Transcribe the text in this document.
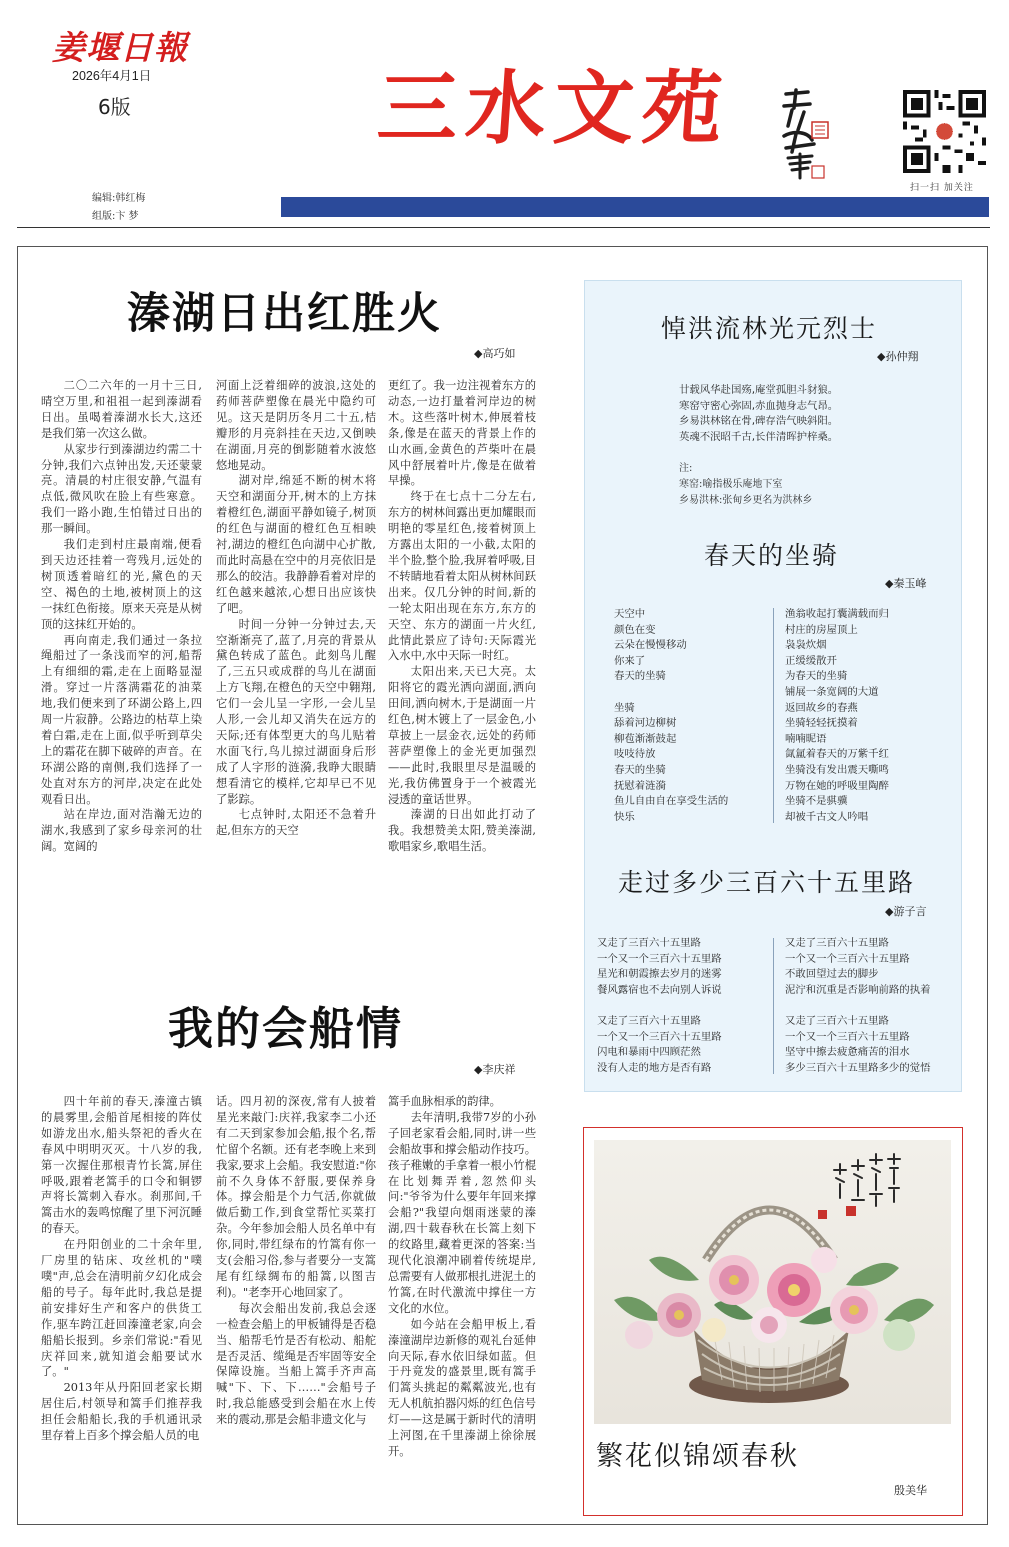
姜堰日報
2026年4月1日
6版	三水文苑
扫一扫 加关注
编辑:韩红梅
组版:卞 梦
溱湖日出红胜火
◆高巧如

二〇二六年的一月十三日,晴空万里,和祖祖一起到溱湖看日出。虽喝着溱湖水长大,这还是我们第一次这么做。

从家步行到溱湖边约需二十分钟,我们六点钟出发,天还蒙蒙亮。清晨的村庄很安静,气温有点低,微风吹在脸上有些寒意。我们一路小跑,生怕错过日出的那一瞬间。

我们走到村庄最南端,便看到天边还挂着一弯残月,远处的树顶透着暗红的光,黛色的天空、褐色的土地,被树顶上的这一抹红色衔接。原来天亮是从树顶的这抹红开始的。

再向南走,我们通过一条拉绳船过了一条浅而窄的河,船帮上有细细的霜,走在上面略显湿滑。穿过一片落满霜花的油菜地,我们便来到了环湖公路上,四周一片寂静。公路边的枯草上染着白霜,走在上面,似乎听到草尖上的霜花在脚下破碎的声音。在环湖公路的南侧,我们选择了一处直对东方的河岸,决定在此处观看日出。

站在岸边,面对浩瀚无边的湖水,我感到了家乡母亲河的壮阔。宽阔的

河面上泛着细碎的波浪,这处的药师菩萨塑像在晨光中隐约可见。这天是阴历冬月二十五,桔瓣形的月亮斜挂在天边,又倒映在湖面,月亮的倒影随着水波悠悠地晃动。

湖对岸,绵延不断的树木将天空和湖面分开,树木的上方抹着橙红色,湖面平静如镜子,树顶的红色与湖面的橙红色互相映衬,湖边的橙红色向湖中心扩散,而此时高悬在空中的月亮依旧是那么的皎洁。我静静看着对岸的红色越来越浓,心想日出应该快了吧。

时间一分钟一分钟过去,天空渐渐亮了,蓝了,月亮的背景从黛色转成了蓝色。此刻鸟儿醒了,三五只或成群的鸟儿在湖面上方飞翔,在橙色的天空中翱翔,它们一会儿呈一字形,一会儿呈人形,一会儿却又消失在远方的天际;还有体型更大的鸟儿贴着水面飞行,鸟儿掠过湖面身后形成了人字形的涟漪,我睁大眼睛想看清它的模样,它却早已不见了影踪。

七点钟时,太阳还不急着升起,但东方的天空

更红了。我一边注视着东方的动态,一边打量着河岸边的树木。这些落叶树木,伸展着枝条,像是在蓝天的背景上作的山水画,金黄色的芦柴叶在晨风中舒展着叶片,像是在做着早操。

终于在七点十二分左右,东方的树林间露出更加耀眼而明艳的零星红色,接着树顶上方露出太阳的一小截,太阳的半个脸,整个脸,我屏着呼吸,目不转睛地看着太阳从树林间跃出来。仅几分钟的时间,新的一轮太阳出现在东方,东方的天空、东方的湖面一片火红,此情此景应了诗句:天际霞光入水中,水中天际一时红。

太阳出来,天已大亮。太阳将它的霞光洒向湖面,洒向田间,洒向树木,于是湖面一片红色,树木镀上了一层金色,小草披上一层金衣,远处的药师菩萨塑像上的金光更加强烈——此时,我眼里尽是温暖的光,我仿佛置身于一个被霞光浸透的童话世界。

溱湖的日出如此打动了我。我想赞美太阳,赞美溱湖,歌唱家乡,歌唱生活。

我的会船情
◆李庆祥

四十年前的春天,溱潼古镇的晨雾里,会船首尾相接的阵仗如游龙出水,船头祭祀的香火在春风中明明灭灭。十八岁的我,第一次握住那根青竹长篙,屏住呼吸,跟着老篙手的口令和铜锣声将长篙刺入春水。刹那间,千篙击水的轰鸣惊醒了里下河沉睡的春天。

在丹阳创业的二十余年里,厂房里的钻床、攻丝机的"噗噗"声,总会在清明前夕幻化成会船的号子。每年此时,我总是提前安排好生产和客户的供货工作,驱车跨江赶回溱潼老家,向会船船长报到。乡亲们常说:"看见庆祥回来,就知道会船要试水了。"

2013年从丹阳回老家长期居住后,村领导和篙手们推荐我担任会船船长,我的手机通讯录里存着上百多个撑会船人员的电

话。四月初的深夜,常有人披着星光来敲门:庆祥,我家李二小还有二天到家参加会船,报个名,帮忙留个名额。还有老李晚上来到我家,要求上会船。我安慰道:"你前不久身体不舒服,要保养身体。撑会船是个力气活,你就做做后勤工作,到食堂帮忙买菜打杂。今年参加会船人员名单中有你,同时,带红绿布的竹篙有你一支(会船习俗,参与者要分一支篙尾有红绿绸布的船篙,以图吉利)。"老李开心地回家了。

每次会船出发前,我总会逐一检查会船上的甲板铺得是否稳当、船帮毛竹是否有松动、船舵是否灵活、缆绳是否牢固等安全保障设施。当船上篙手齐声高喊"下、下、下……"会船号子时,我总能感受到会船在水上传来的震动,那是会船非遗文化与

篙手血脉相承的韵律。

去年清明,我带7岁的小孙子回老家看会船,同时,讲一些会船故事和撑会船动作技巧。孩子稚嫩的手拿着一根小竹棍在比划舞弄着,忽然仰头问:"爷爷为什么要年年回来撑会船?"我望向烟雨迷蒙的溱湖,四十载春秋在长篙上刻下的纹路里,藏着更深的答案:当现代化浪潮冲刷着传统堤岸,总需要有人做那根扎进泥土的竹篙,在时代激流中撑住一方文化的水位。

如今站在会船甲板上,看溱潼湖岸边新修的观礼台延伸向天际,春水依旧绿如蓝。但于丹竟发的盛景里,既有篙手们篙头挑起的粼粼波光,也有无人机航拍器闪烁的红色信号灯——这是属于新时代的清明上河图,在千里溱湖上徐徐展开。

悼洪流林光元烈士
◆孙仲翔
廿载风华赴国殇,庵堂孤胆斗豺狼。
寒窑守密心弥固,赤血抛身志气昂。
乡易洪林铭在骨,碑存浩气映斜阳。
英魂不泯昭千古,长伴清晖护梓桑。
注:
寒窑:喻指极乐庵地下室
乡易洪林:张甸乡更名为洪林乡
春天的坐骑
◆秦玉峰
天空中
颜色在变
云朵在慢慢移动
你来了
春天的坐骑
坐骑
舔着河边柳树
柳苞渐渐鼓起
吱吱待放
春天的坐骑
抚慰着涟漪
鱼儿自由自在享受生活的
快乐
渔翁收起打囊满载而归
村庄的房屋顶上
袅袅炊烟
正缓缓散开
为春天的坐骑
铺展一条宽阔的大道
返回故乡的春燕
坐骑轻轻抚摸着
喃喃昵语
氤氲着春天的万紫千红
坐骑没有发出震天嘶鸣
万物在她的呼吸里陶醉
坐骑不是骐骥
却被千古文人吟唱
走过多少三百六十五里路
◆游子言
又走了三百六十五里路
一个又一个三百六十五里路
星光和朝霞擦去岁月的迷雾
餐风露宿也不去向别人诉说
又走了三百六十五里路
一个又一个三百六十五里路
闪电和暴雨中四顾茫然
没有人走的地方是否有路
又走了三百六十五里路
一个又一个三百六十五里路
不敢回望过去的脚步
泥泞和沉重是否影响前路的执着
又走了三百六十五里路
一个又一个三百六十五里路
坚守中擦去疲惫痛苦的泪水
多少三百六十五里路多少的觉悟
繁花似锦颂春秋
殷美华
